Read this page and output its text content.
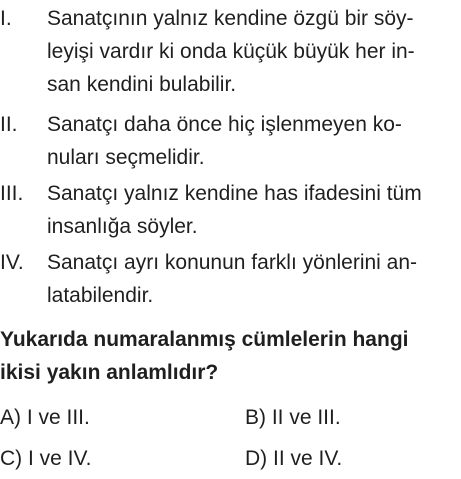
I. Sanatçının yalnız kendine özgü bir söy-
leyişi vardır ki onda küçük büyük her in-
san kendini bulabilir.
II. Sanatçı daha önce hiç işlenmeyen ko-
nuları seçmelidir.
III. Sanatçı yalnız kendine has ifadesini tüm
insanlığa söyler.
IV. Sanatçı ayrı konunun farklı yönlerini an-
latabilendir.
Yukarıda numaralanmış cümlelerin hangi
ikisi yakın anlamlıdır?
A) I ve III.	B) II ve III.
C) I ve IV.	D) II ve IV.
